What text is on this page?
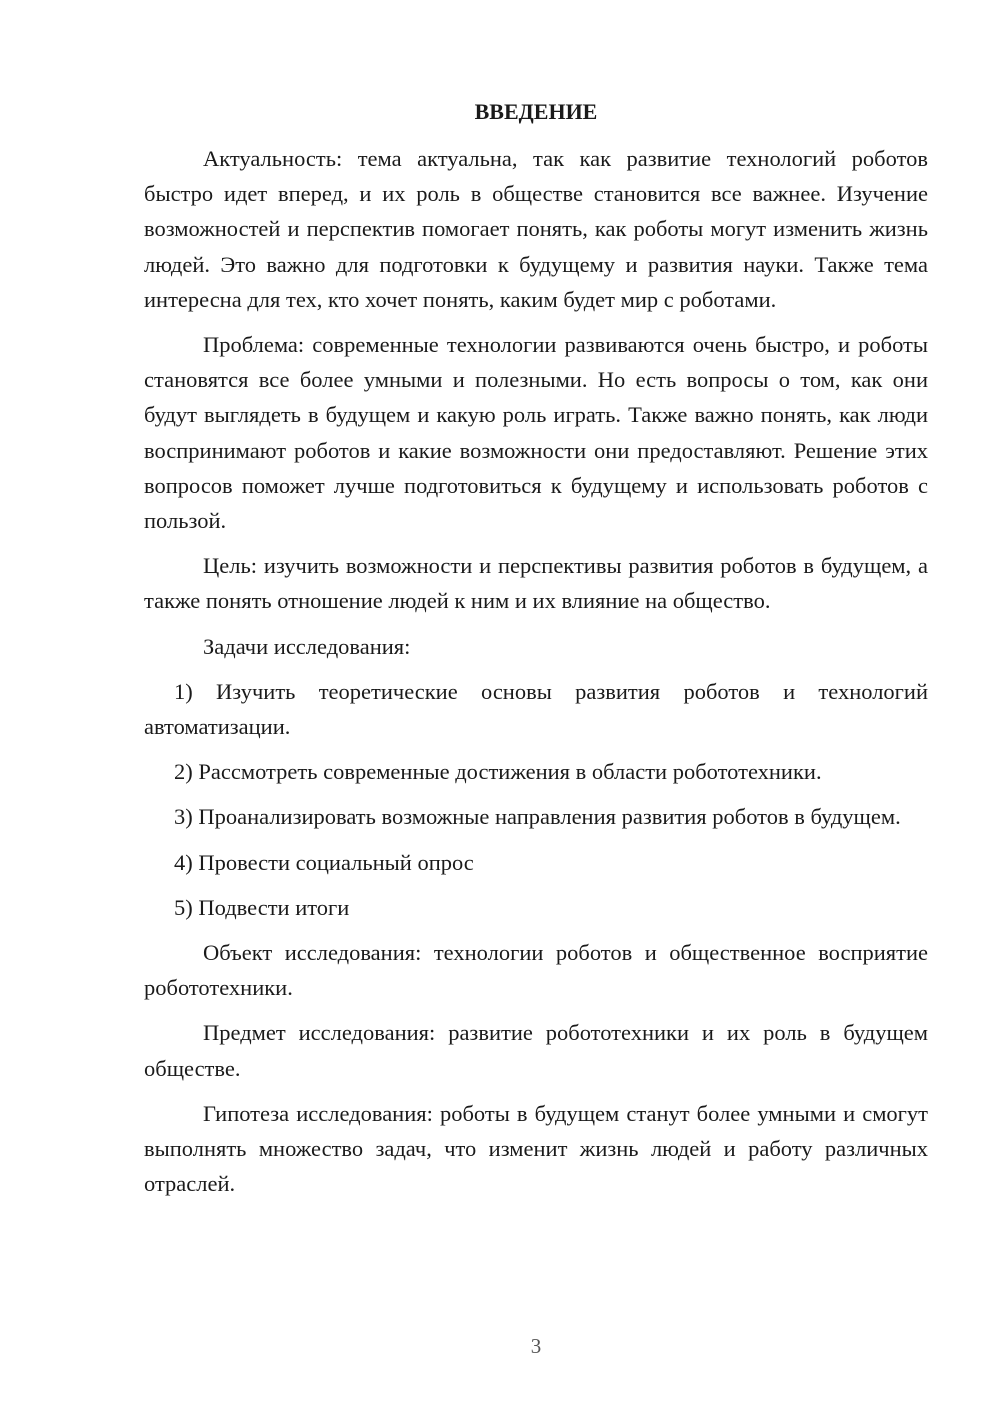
ВВЕДЕНИЕ

Актуальность: тема актуальна, так как развитие технологий роботов быстро идет вперед, и их роль в обществе становится все важнее. Изучение возможностей и перспектив помогает понять, как роботы могут изменить жизнь людей. Это важно для подготовки к будущему и развития науки. Также тема интересна для тех, кто хочет понять, каким будет мир с роботами.

Проблема: современные технологии развиваются очень быстро, и роботы становятся все более умными и полезными. Но есть вопросы о том, как они будут выглядеть в будущем и какую роль играть. Также важно понять, как люди воспринимают роботов и какие возможности они предоставляют. Решение этих вопросов поможет лучше подготовиться к будущему и использовать роботов с пользой.

Цель: изучить возможности и перспективы развития роботов в будущем, а также понять отношение людей к ним и их влияние на общество.

Задачи исследования:

1) Изучить теоретические основы развития роботов и технологий автоматизации.

2) Рассмотреть современные достижения в области робототехники.

3) Проанализировать возможные направления развития роботов в будущем.

4) Провести социальный опрос

5) Подвести итоги

Объект исследования: технологии роботов и общественное восприятие робототехники.

Предмет исследования: развитие робототехники и их роль в будущем обществе.

Гипотеза исследования: роботы в будущем станут более умными и смогут выполнять множество задач, что изменит жизнь людей и работу различных отраслей.

3
